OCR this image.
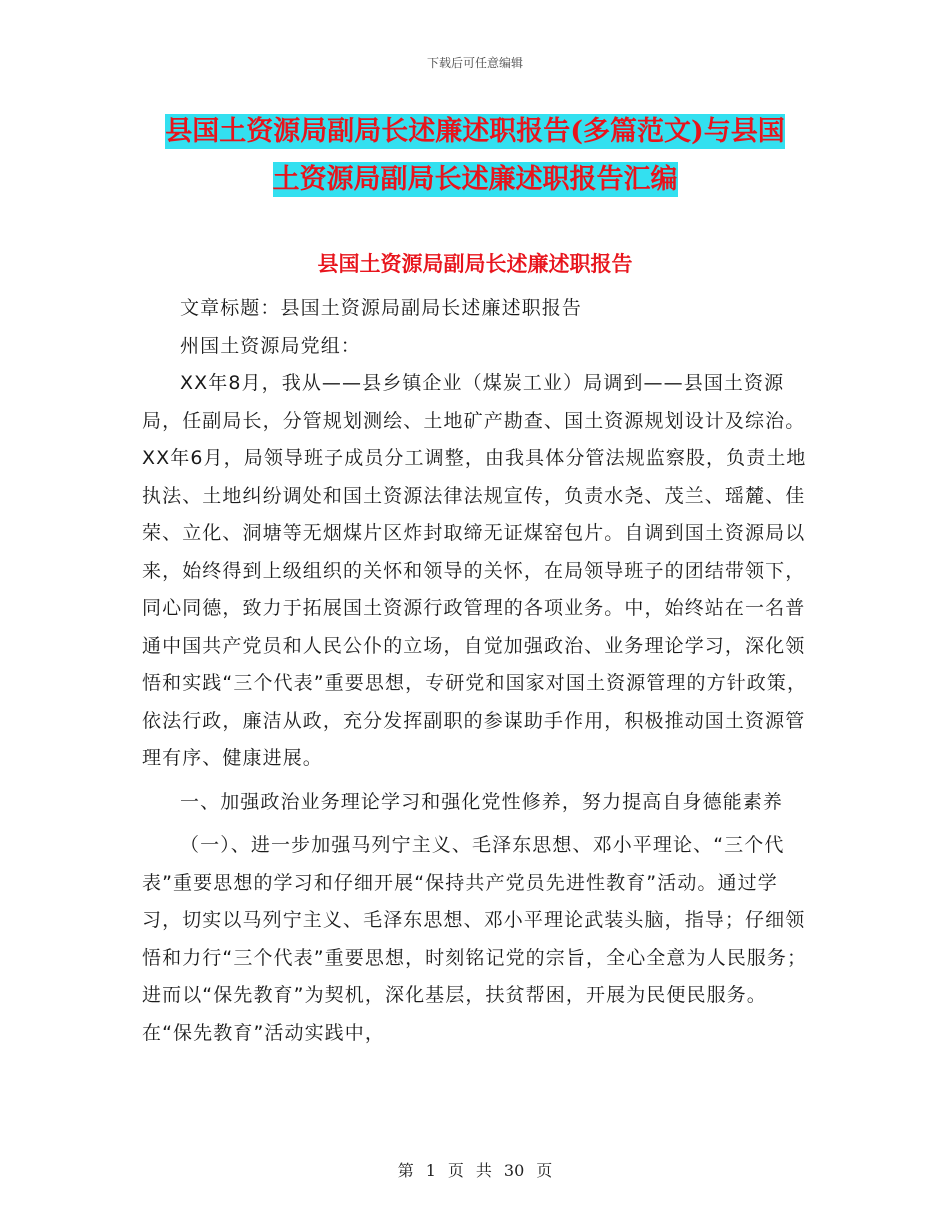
下载后可任意编辑
县国土资源局副局长述廉述职报告(多篇范文)与县国
土资源局副局长述廉述职报告汇编
县国土资源局副局长述廉述职报告

文章标题：县国土资源局副局长述廉述职报告

州国土资源局党组：

XX年8月，我从——县乡镇企业（煤炭工业）局调到——县国土资源局，任副局长，分管规划测绘、土地矿产勘查、国土资源规划设计及综治。XX年6月，局领导班子成员分工调整，由我具体分管法规监察股，负责土地执法、土地纠纷调处和国土资源法律法规宣传，负责水尧、茂兰、瑶麓、佳荣、立化、洞塘等无烟煤片区炸封取缔无证煤窑包片。自调到国土资源局以来，始终得到上级组织的关怀和领导的关怀，在局领导班子的团结带领下，同心同德，致力于拓展国土资源行政管理的各项业务。中，始终站在一名普通中国共产党员和人民公仆的立场，自觉加强政治、业务理论学习，深化领悟和实践“三个代表”重要思想，专研党和国家对国土资源管理的方针政策，依法行政，廉洁从政，充分发挥副职的参谋助手作用，积极推动国土资源管理有序、健康进展。

一、加强政治业务理论学习和强化党性修养，努力提高自身德能素养

（一）、进一步加强马列宁主义、毛泽东思想、邓小平理论、“三个代表”重要思想的学习和仔细开展“保持共产党员先进性教育”活动。通过学习，切实以马列宁主义、毛泽东思想、邓小平理论武装头脑，指导；仔细领悟和力行“三个代表”重要思想，时刻铭记党的宗旨，全心全意为人民服务；进而以“保先教育”为契机，深化基层，扶贫帮困，开展为民便民服务。在“保先教育”活动实践中，

第 1 页 共 30 页
